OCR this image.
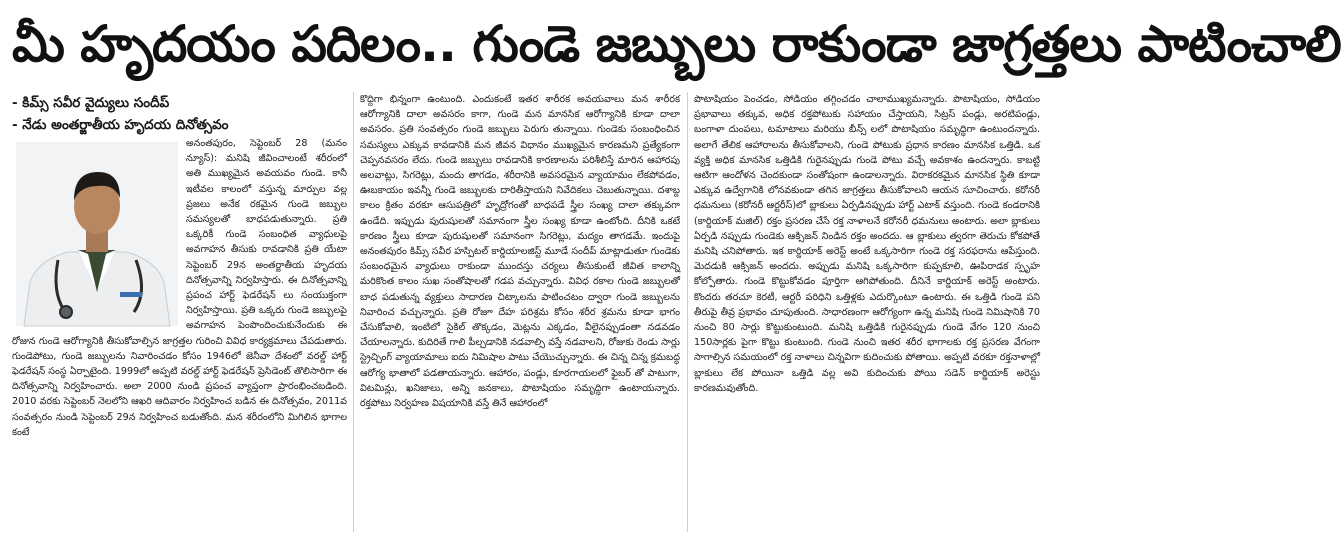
మీ హృదయం పదిలం.. గుండె జబ్బులు రాకుండా జాగ్రత్తలు పాటించాలి
- కిమ్స్ సవీర వైద్యులు సందీప్
- నేడు అంతర్జాతీయ హృదయ దినోత్సవం

అనంతపురం, సెప్టెంబర్ 28 (మనం న్యూస్): మనిషి జీవించాలంటే శరీరంలో అతి ముఖ్యమైన అవయవం గుండె. కానీ ఇటీవల కాలంలో వస్తున్న మార్పుల వల్ల ప్రజలు అనేక రకమైన గుండె జబ్బుల సమస్యలతో బాధపడుతున్నారు. ప్రతి ఒక్కరికీ గుండె సంబంధిత వ్యాధులపై అవగాహన తీసుకు రావడానికి ప్రతి యేటా సెప్టెంబర్ 29న అంతర్జాతీయ హృదయ దినోత్సవాన్ని నిర్వహిస్తారు. ఈ దినోత్సవాన్ని ప్రపంచ హార్ట్ ఫెడరేషన్ లు సంయుక్తంగా నిర్వహిస్తాయి. ప్రతి ఒక్కరు గుండె జబ్బులపై అవగాహన పెంపొందించుకునేందుకు ఈ రోజున గుండె ఆరోగ్యానికి తీసుకోవాల్సిన జాగ్రత్తల గురించి వివిధ కార్యక్రమాలు చేపడుతారు. గుండెపోటు, గుండె జబ్బులను నివారించడం కోసం 1946లో జెనీవా దేశంలో వరల్డ్ హార్ట్ ఫెడరేషన్ సంస్థ ఏర్పాటైంది. 1999లో అప్పటి వరల్డ్ హార్ట్ ఫెడరేషన్ ప్రెసిడెంట్ తొలిసారిగా ఈ దినోత్సవాన్ని నిర్వహించారు. అలా 2000 నుండి ప్రపంచ వ్యాప్తంగా ప్రారంభించబడింది. 2010 వరకు సెప్టెంబర్ నెలలోని ఆఖరి ఆదివారం నిర్వహించ బడిన ఈ దినోత్సవం, 2011వ సంవత్సరం నుండి సెప్టెంబర్ 29న నిర్వహించ బడుతోంది. మన శరీరంలోని మిగిలిన భాగాల కంటే

కొద్దిగా భిన్నంగా ఉంటుంది. ఎందుకంటే ఇతర శారీరక అవయవాలు మన శారీరక ఆరోగ్యానికి దాలా అవసరం కాగా, గుండె మన మానసిక ఆరోగ్యానికి కూడా దాలా అవసరం. ప్రతి సంవత్సరం గుండె జబ్బులు పెరుగు తున్నాయి. గుండెకు సంబంధించిన సమస్యలు ఎక్కువ కావడానికి మన జీవన విధానం ముఖ్యమైన కారణమని ప్రత్యేకంగా చెప్పనవసరం లేదు. గుండె జబ్బులు రావడానికి కారణాలను పరిశీలిస్తే మారిన ఆహారపు అలవాట్లు, సిగరెట్లు, మందు తాగడం, శరీరానికి అవసరమైన వ్యాయామం లేకపోవడం, ఊబకాయం ఇవన్నీ గుండె జబ్బులకు దారితీస్తాయని నివేదికలు చెబుతున్నాయి. దశాబ్ద కాలం క్రితం వరకూ ఆసుపత్రిలో హృద్రోగంతో బాధపడే స్త్రీల సంఖ్య దాలా తక్కువగా ఉండేది. ఇప్పుడు పురుషులతో సమానంగా స్త్రీల సంఖ్య కూడా ఉంటోంది. దీనికి ఒకటే కారణం స్త్రీలు కూడా పురుషులతో సమానంగా సిగరెట్లు, మద్యం తాగడమే. ఇందుపై అనంతపురం కిమ్స్ సవీర హస్పిటల్ కార్డియాలజిస్ట్ మూడే సందీప్ మాట్లాడుతూ గుండెకు సంబంధమైన వ్యాధులు రాకుండా ముందస్తు చర్యలు తీసుకుంటే జీవిత కాలాన్ని మరికొంత కాలం సుఖ సంతోషాలతో గడప వచ్చున్నారు. వివిధ రకాల గుండె జబ్బులతో బాధ పడుతున్న వ్యక్తులు సాదారణ చిట్కాలను పాటించటం ద్వారా గుండె జబ్బులను నివారించ వచ్చున్నారు. ప్రతి రోజూ దేహ పరిశ్రమ కోసం శరీర శ్రమను కూడా భాగం చేసుకోవాలి, ఇంటిలో సైకిల్ తొక్కడం, మెట్లను ఎక్కడం, వీలైనప్పుడంతా నడవడం చేయాలన్నారు. కుదిరితే గాలి పీల్చడానికి నడవాల్సి వస్తే నడవాలని, రోజుకు రెండు సార్లు స్ట్రెచ్చింగ్ వ్యాయామాలు ఐదు నిమిషాల పాటు చేయొచ్చున్నారు. ఈ చిన్న చిన్న క్రమబద్ధ ఆరోగ్య భాతాలో పడతాయన్నారు. ఆహారం, పండ్లు, కూరగాయలలో ఫైబర్ తో పాటుగా, విటమిన్లు, ఖనిజాలు, అన్ని జనకాలు, పొటాషియం సమృద్ధిగా ఉంటాయన్నారు. రక్తపోటు నిర్వహణ విషయానికి వస్తే తినే ఆహారంలో

పొటాషియం పెంచడం, సోడియం తగ్గించడం చాలాముఖ్యమన్నారు. పొటాషియం, సోడియం ప్రభావాలు తక్కువ, అధిక రక్తపోటుకు సహాయం చేస్తాయని, సిట్రస్ పండ్లు, అరటిపండ్లు, బంగాళా దుంపలు, టమాటాలు మరియు బీన్స్ లలో పొటాషియం సమృద్ధిగా ఉంటుందన్నారు. అలాగే తేలిక ఆహారాలను తీసుకోవాలని, గుండె పోటుకు ప్రధాన కారణం మానసిక ఒత్తిడి. ఒక వ్యక్తి అధిక మానసిక ఒత్తిడికి గురైనప్పుడు గుండె పోటు వచ్చే అవకాశం ఉందన్నారు. కాబట్టి ఆటిగా ఆందోళన చెందకుండా సంతోషంగా ఉండాలన్నారు. విరాకరకమైన మానసిక స్థితి కూడా ఎక్కువ ఉద్వేగానికి లోనవకుండా తగిన జాగ్రత్తలు తీసుకోవాలని ఆయన సూచించారు. కరోనరీ ధమనులు (కరోనరీ ఆర్టరీస్)లో బ్లాకులు ఏర్పడినప్పుడు హార్ట్ ఎటాక్ వస్తుంది. గుండె కండరానికి (కార్డియాక్ మజిల్) రక్తం ప్రసరణ చేసే రక్త నాళాలనే కరోనరీ ధమనులు అంటారు. అలా బ్లాకులు ఏర్పడి నప్పుడు గుండెకు ఆక్సిజన్ నిండిన రక్తం అందదు. ఆ బ్లాకులు త్వరగా తెరుచు కోకపోతే మనిషి చనిపోతారు. ఇక కార్డియాక్ అరెస్ట్ అంటే ఒక్కసారిగా గుండె రక్త సరఫరాను ఆపేస్తుంది. మెదడుకి ఆక్సిజన్ అందదు. అప్పుడు మనిషి ఒక్కసారిగా కుప్పకూలి, ఊపిరాడక స్పృహ కోల్పోతారు. గుండె కొట్టుకోవడం పూర్తిగా ఆగిపోతుంది. దీనినే కార్డియాక్ అరెస్ట్ అంటారు. కొందరు తరచూ కెరటీ, ఆర్టరీ పరిధిని ఒత్తిళ్లకు ఎదుర్కొంటూ ఉంటారు. ఈ ఒత్తిడి గుండె పని తీరుపై తీవ్ర ప్రభావం చూపుతుంది. సాధారణంగా ఆరోగ్యంగా ఉన్న మనిషి గుండె నిమిషానికి 70 నుంచి 80 సార్లు కొట్టుకుంటుంది. మనిషి ఒత్తిడికి గురైనప్పుడు గుండె వేగం 120 నుంచి 150సార్లకు పైగా కొట్టు కుంటుంది. గుండె నుంచి ఇతర శరీర భాగాలకు రక్త ప్రసరణ వేగంగా సాగాల్సిన సమయంలో రక్త నాళాలు చిన్నవిగా కుదించుకు పోతాయి. అప్పటి వరకూ రక్తనాళాల్లో బ్లాకులు లేక పోయినా ఒత్తిడి వల్ల అవి కుదించుకు పోయి సడెన్ కార్డియాక్ అరెస్టు కారణమవుతోంది.
